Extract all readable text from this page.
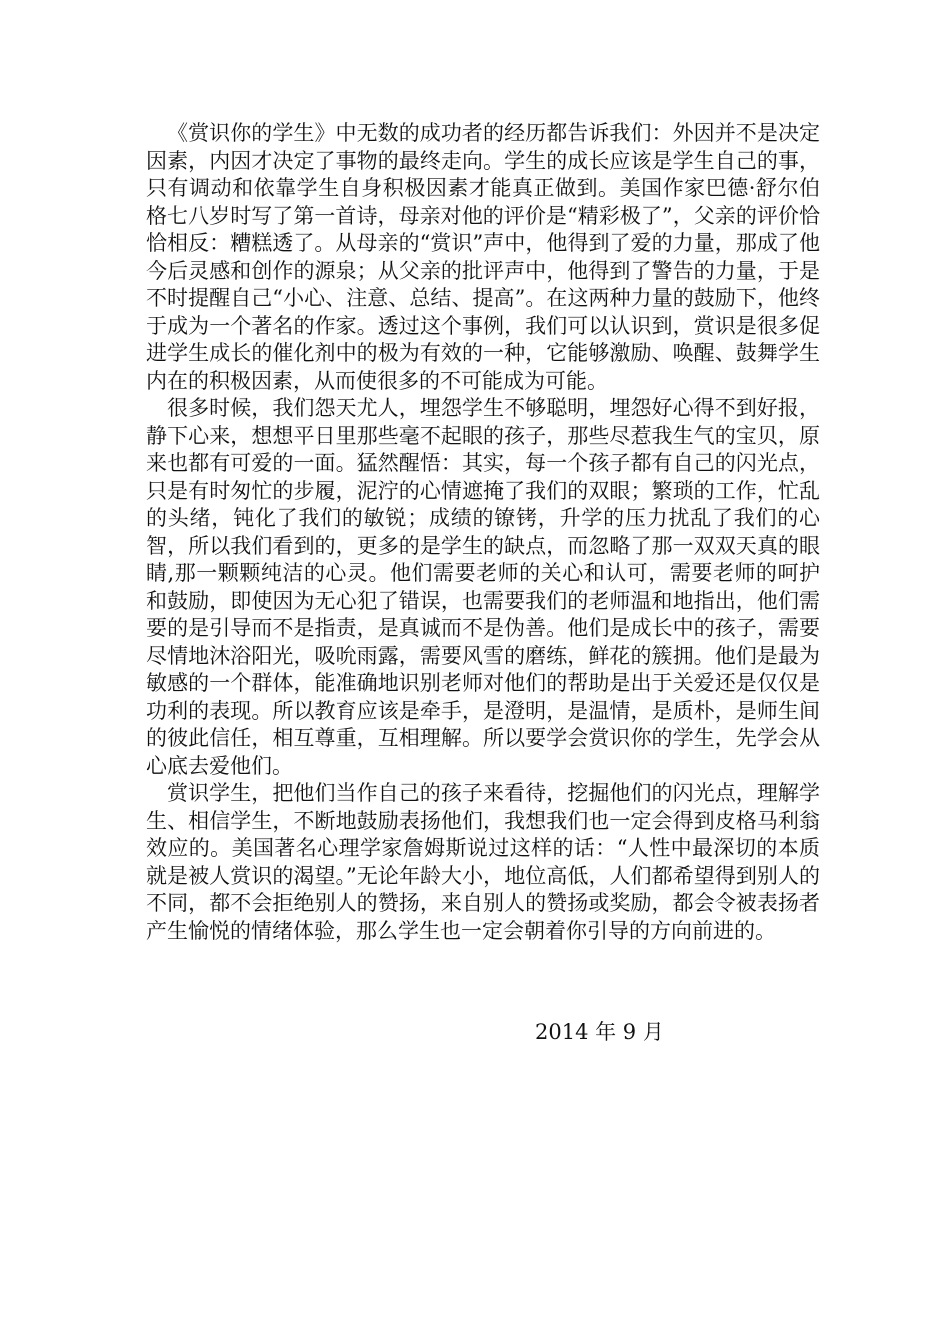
《赏识你的学生》中无数的成功者的经历都告诉我们：外因并不是决定因素，内因才决定了事物的最终走向。学生的成长应该是学生自己的事，只有调动和依靠学生自身积极因素才能真正做到。美国作家巴德·舒尔伯格七八岁时写了第一首诗，母亲对他的评价是“精彩极了”，父亲的评价恰恰相反：糟糕透了。从母亲的“赏识”声中，他得到了爱的力量，那成了他今后灵感和创作的源泉；从父亲的批评声中，他得到了警告的力量，于是不时提醒自己“小心、注意、总结、提高”。在这两种力量的鼓励下，他终于成为一个著名的作家。透过这个事例，我们可以认识到，赏识是很多促进学生成长的催化剂中的极为有效的一种，它能够激励、唤醒、鼓舞学生内在的积极因素，从而使很多的不可能成为可能。

很多时候，我们怨天尤人，埋怨学生不够聪明，埋怨好心得不到好报，静下心来，想想平日里那些毫不起眼的孩子，那些尽惹我生气的宝贝，原来也都有可爱的一面。猛然醒悟：其实，每一个孩子都有自己的闪光点，只是有时匆忙的步履，泥泞的心情遮掩了我们的双眼；繁琐的工作，忙乱的头绪，钝化了我们的敏锐；成绩的镣铐，升学的压力扰乱了我们的心智，所以我们看到的，更多的是学生的缺点，而忽略了那一双双天真的眼睛,那一颗颗纯洁的心灵。他们需要老师的关心和认可，需要老师的呵护和鼓励，即使因为无心犯了错误，也需要我们的老师温和地指出，他们需要的是引导而不是指责，是真诚而不是伪善。他们是成长中的孩子，需要尽情地沐浴阳光，吸吮雨露，需要风雪的磨练，鲜花的簇拥。他们是最为敏感的一个群体，能准确地识别老师对他们的帮助是出于关爱还是仅仅是功利的表现。所以教育应该是牵手，是澄明，是温情，是质朴，是师生间的彼此信任，相互尊重，互相理解。所以要学会赏识你的学生，先学会从心底去爱他们。

赏识学生，把他们当作自己的孩子来看待，挖掘他们的闪光点，理解学生、相信学生，不断地鼓励表扬他们，我想我们也一定会得到皮格马利翁效应的。美国著名心理学家詹姆斯说过这样的话：“人性中最深切的本质就是被人赏识的渴望。”无论年龄大小，地位高低，人们都希望得到别人的不同，都不会拒绝别人的赞扬，来自别人的赞扬或奖励，都会令被表扬者产生愉悦的情绪体验，那么学生也一定会朝着你引导的方向前进的。

2014 年 9 月
